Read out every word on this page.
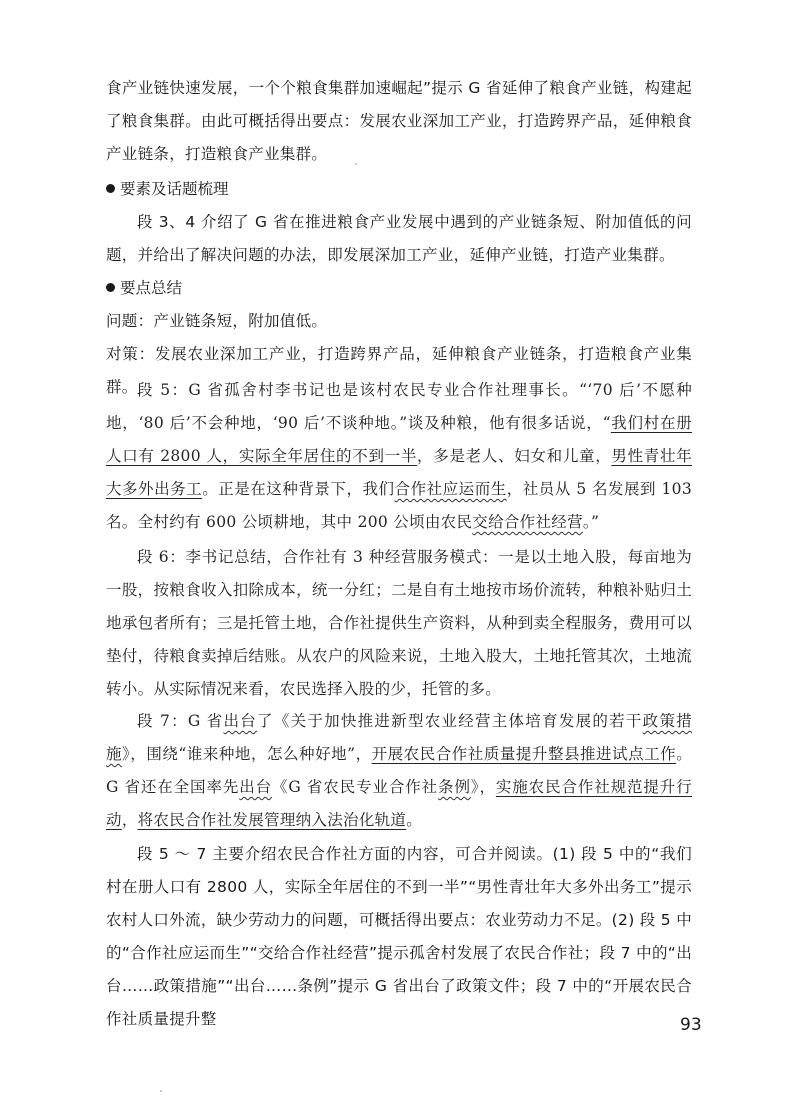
食产业链快速发展，一个个粮食集群加速崛起”提示 G 省延伸了粮食产业链，构建起了粮食集群。由此可概括得出要点：发展农业深加工产业，打造跨界产品，延伸粮食产业链条，打造粮食产业集群。

要素及话题梳理

段 3、4 介绍了 G 省在推进粮食产业发展中遇到的产业链条短、附加值低的问题，并给出了解决问题的办法，即发展深加工产业，延伸产业链，打造产业集群。

要点总结

问题：产业链条短，附加值低。

对策：发展农业深加工产业，打造跨界产品，延伸粮食产业链条，打造粮食产业集群。 段 5：G 省孤舍村李书记也是该村农民专业合作社理事长。“‘70 后’不愿种地，‘80 后’不会种地，‘90 后’不谈种地。”谈及种粮，他有很多话说，“我们村在册人口有 2800 人，实际全年居住的不到一半，多是老人、妇女和儿童，男性青壮年大多外出务工。正是在这种背景下，我们合作社应运而生，社员从 5 名发展到 103 名。全村约有 600 公顷耕地，其中 200 公顷由农民交给合作社经营。”

段 6：李书记总结，合作社有 3 种经营服务模式：一是以土地入股，每亩地为一股，按粮食收入扣除成本，统一分红；二是自有土地按市场价流转，种粮补贴归土地承包者所有；三是托管土地，合作社提供生产资料，从种到卖全程服务，费用可以垫付，待粮食卖掉后结账。从农户的风险来说，土地入股大，土地托管其次，土地流转小。从实际情况来看，农民选择入股的少，托管的多。

段 7：G 省出台了《关于加快推进新型农业经营主体培育发展的若干政策措施》，围绕“谁来种地，怎么种好地”，开展农民合作社质量提升整县推进试点工作。G 省还在全国率先出台《G 省农民专业合作社条例》，实施农民合作社规范提升行动，将农民合作社发展管理纳入法治化轨道。

段 5 ～ 7 主要介绍农民合作社方面的内容，可合并阅读。(1) 段 5 中的“我们村在册人口有 2800 人，实际全年居住的不到一半”“男性青壮年大多外出务工”提示农村人口外流，缺少劳动力的问题，可概括得出要点：农业劳动力不足。(2) 段 5 中的“合作社应运而生”“交给合作社经营”提示孤舍村发展了农民合作社；段 7 中的“出台……政策措施”“出台……条例”提示 G 省出台了政策文件；段 7 中的“开展农民合作社质量提升整	93
